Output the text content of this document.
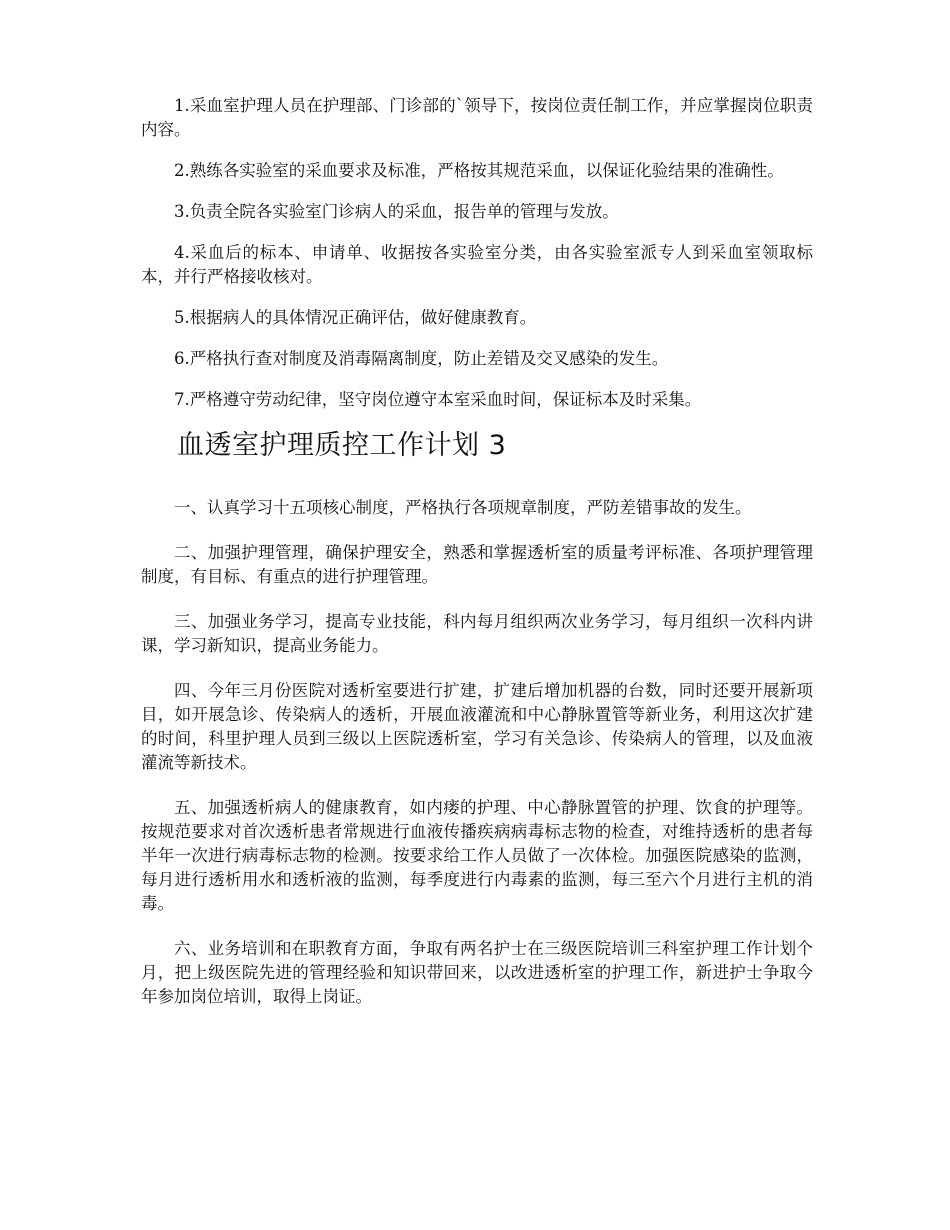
1.采血室护理人员在护理部、门诊部的`领导下，按岗位责任制工作，并应掌握岗位职责内容。

2.熟练各实验室的采血要求及标准，严格按其规范采血，以保证化验结果的准确性。

3.负责全院各实验室门诊病人的采血，报告单的管理与发放。

4.采血后的标本、申请单、收据按各实验室分类，由各实验室派专人到采血室领取标本，并行严格接收核对。

5.根据病人的具体情况正确评估，做好健康教育。

6.严格执行查对制度及消毒隔离制度，防止差错及交叉感染的发生。

7.严格遵守劳动纪律，坚守岗位遵守本室采血时间，保证标本及时采集。

血透室护理质控工作计划 3

一、认真学习十五项核心制度，严格执行各项规章制度，严防差错事故的发生。

二、加强护理管理，确保护理安全，熟悉和掌握透析室的质量考评标准、各项护理管理制度，有目标、有重点的进行护理管理。

三、加强业务学习，提高专业技能，科内每月组织两次业务学习，每月组织一次科内讲课，学习新知识，提高业务能力。

四、今年三月份医院对透析室要进行扩建，扩建后增加机器的台数，同时还要开展新项目，如开展急诊、传染病人的透析，开展血液灌流和中心静脉置管等新业务，利用这次扩建的时间，科里护理人员到三级以上医院透析室，学习有关急诊、传染病人的管理，以及血液灌流等新技术。

五、加强透析病人的健康教育，如内瘘的护理、中心静脉置管的护理、饮食的护理等。按规范要求对首次透析患者常规进行血液传播疾病病毒标志物的检查，对维持透析的患者每半年一次进行病毒标志物的检测。按要求给工作人员做了一次体检。加强医院感染的监测，每月进行透析用水和透析液的监测，每季度进行内毒素的监测，每三至六个月进行主机的消毒。

六、业务培训和在职教育方面，争取有两名护士在三级医院培训三科室护理工作计划个月，把上级医院先进的管理经验和知识带回来，以改进透析室的护理工作，新进护士争取今年参加岗位培训，取得上岗证。
